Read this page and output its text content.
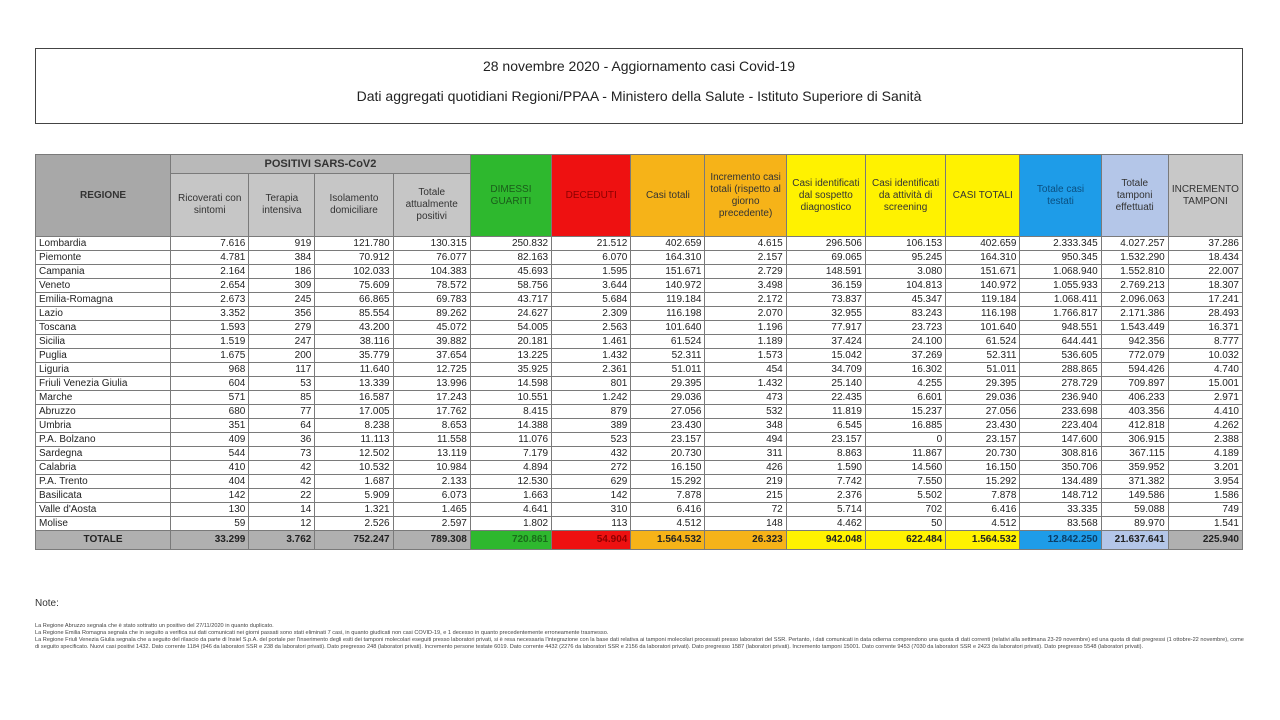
28 novembre 2020 - Aggiornamento casi Covid-19
Dati aggregati quotidiani Regioni/PPAA - Ministero della Salute - Istituto Superiore di Sanità
REGIONE	POSITIVI SARS-CoV2				DIMESSI GUARITI	DECEDUTI	Casi totali	Incremento casi totali (rispetto al giorno precedente)	Casi identificati dal sospetto diagnostico	Casi identificati da attività di screening	CASI TOTALI	Totale casi testati	Totale tamponi effettuati	INCREMENTO TAMPONI
	Ricoverati con sintomi	Terapia intensiva	Isolamento domiciliare	Totale attualmente positivi										
Lombardia	7.616	919	121.780	130.315	250.832	21.512	402.659	4.615	296.506	106.153	402.659	2.333.345	4.027.257	37.286
Piemonte	4.781	384	70.912	76.077	82.163	6.070	164.310	2.157	69.065	95.245	164.310	950.345	1.532.290	18.434
Campania	2.164	186	102.033	104.383	45.693	1.595	151.671	2.729	148.591	3.080	151.671	1.068.940	1.552.810	22.007
Veneto	2.654	309	75.609	78.572	58.756	3.644	140.972	3.498	36.159	104.813	140.972	1.055.933	2.769.213	18.307
Emilia-Romagna	2.673	245	66.865	69.783	43.717	5.684	119.184	2.172	73.837	45.347	119.184	1.068.411	2.096.063	17.241
Lazio	3.352	356	85.554	89.262	24.627	2.309	116.198	2.070	32.955	83.243	116.198	1.766.817	2.171.386	28.493
Toscana	1.593	279	43.200	45.072	54.005	2.563	101.640	1.196	77.917	23.723	101.640	948.551	1.543.449	16.371
Sicilia	1.519	247	38.116	39.882	20.181	1.461	61.524	1.189	37.424	24.100	61.524	644.441	942.356	8.777
Puglia	1.675	200	35.779	37.654	13.225	1.432	52.311	1.573	15.042	37.269	52.311	536.605	772.079	10.032
Liguria	968	117	11.640	12.725	35.925	2.361	51.011	454	34.709	16.302	51.011	288.865	594.426	4.740
Friuli Venezia Giulia	604	53	13.339	13.996	14.598	801	29.395	1.432	25.140	4.255	29.395	278.729	709.897	15.001
Marche	571	85	16.587	17.243	10.551	1.242	29.036	473	22.435	6.601	29.036	236.940	406.233	2.971
Abruzzo	680	77	17.005	17.762	8.415	879	27.056	532	11.819	15.237	27.056	233.698	403.356	4.410
Umbria	351	64	8.238	8.653	14.388	389	23.430	348	6.545	16.885	23.430	223.404	412.818	4.262
P.A. Bolzano	409	36	11.113	11.558	11.076	523	23.157	494	23.157	0	23.157	147.600	306.915	2.388
Sardegna	544	73	12.502	13.119	7.179	432	20.730	311	8.863	11.867	20.730	308.816	367.115	4.189
Calabria	410	42	10.532	10.984	4.894	272	16.150	426	1.590	14.560	16.150	350.706	359.952	3.201
P.A. Trento	404	42	1.687	2.133	12.530	629	15.292	219	7.742	7.550	15.292	134.489	371.382	3.954
Basilicata	142	22	5.909	6.073	1.663	142	7.878	215	2.376	5.502	7.878	148.712	149.586	1.586
Valle d'Aosta	130	14	1.321	1.465	4.641	310	6.416	72	5.714	702	6.416	33.335	59.088	749
Molise	59	12	2.526	2.597	1.802	113	4.512	148	4.462	50	4.512	83.568	89.970	1.541
TOTALE	33.299	3.762	752.247	789.308	720.861	54.904	1.564.532	26.323	942.048	622.484	1.564.532	12.842.250	21.637.641	225.940
Note:

La Regione Abruzzo segnala che è stato sottratto un positivo del 27/11/2020 in quanto duplicato.

La Regione Emilia Romagna segnala che in seguito a verifica sui dati comunicati nei giorni passati sono stati eliminati 7 casi, in quanto giudicati non casi COVID-19, e 1 decesso in quanto precedentemente erroneamente trasmesso.

La Regione Friuli Venezia Giulia segnala che a seguito del rilascio da parte di Insiel S.p.A. del portale per l'inserimento degli esiti dei tamponi molecolari eseguiti presso laboratori privati, si è resa necessaria l'integrazione con la base dati relativa ai tamponi molecolari processati presso laboratori del SSR. Pertanto, i dati comunicati in data odierna comprendono una quota di dati correnti (relativi alla settimana 23-29 novembre) ed una quota di dati pregressi (1 ottobre-22 novembre), come di seguito specificato. Nuovi casi positivi 1432. Dato corrente 1184 (946 da laboratori SSR e 238 da laboratori privati). Dato pregresso 248 (laboratori privati). Incremento persone testate 6019. Dato corrente 4432 (2276 da laboratori SSR e 2156 da laboratori privati). Dato pregresso 1587 (laboratori privati). Incremento tamponi 15001. Dato corrente 9453 (7030 da laboratori SSR e 2423 da laboratori privati). Dato pregresso 5548 (laboratori privati).
